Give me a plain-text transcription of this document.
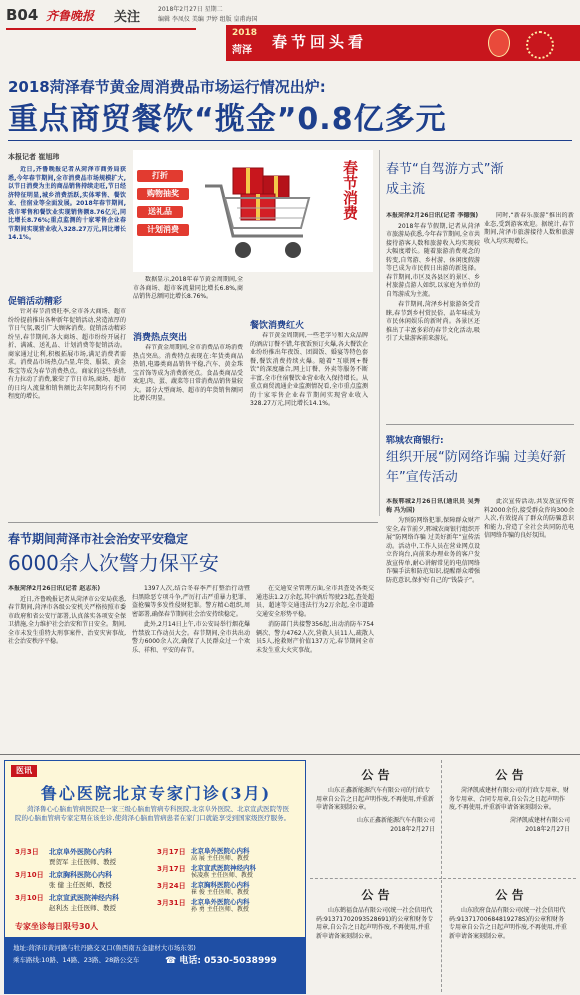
B04 齐鲁晚报 关注
2018年2月27日 星期二
编辑 李凤仪 美编 尹婷 组版 皇甫海国
2018
菏泽 春节回头看
2018菏泽春节黄金周消费品市场运行情况出炉:
重点商贸餐饮“揽金”0.8亿多元
本报记者 崔旭玮

近日,齐鲁晚报记者从菏泽市商务局获悉,今年春节期间,全市消费品市场规模扩大,以节日消费为主的商品销售持续走旺,节日经济特征明显,城乡消费活跃,实体零售、餐饮业、住宿业等全面发展。2018年春节期间,我市零售和餐饮业实现销售额8.76亿元,同比增长8.76%;重点监测的十家零售企业春节期间实现营业收入328.27万元,同比增长14.1%。

促销活动精彩

针对春节消费旺季,全市各大商场、超市纷纷提前推出各种新年促销活动,营造浓厚的节日气氛,吸引广大顾客消费。促销活动精彩纷呈,春节期间,各大商场、超市纷纷开展打折、满减、送礼品、计划消费等促销活动。商家通过让利,积极拓展市场,满足消费者需求。消费品市场热点凸显,年货、服装、黄金珠宝等成为春节消费热点。商家的这些举措,有力拉动了消费,繁荣了节日市场,商场、超市的日均人流量和销售额比去年同期均有不同程度的增长。

春节消费
打折
购物抽奖
送礼品
计划消费

数据显示,2018年春节黄金周期间,全市各商场、超市客流量同比增长6.8%,商品销售总额同比增长8.76%。

消费热点突出

春节黄金周期间,全市消费品市场消费热点突出。消费特点表现在:年货类商品热销,电器类商品销售平稳,汽车、黄金珠宝首饰等成为消费新亮点。食品类商品受欢迎,肉、蛋、蔬菜等日常消费品销售量较大。部分大型商场、超市的年货销售额同比增长明显。

餐饮消费红火

春节黄金周期间,一些老字号和大众品牌的酒店订餐不错,年夜饭预订火爆,各大餐饮企业纷纷推出年夜饭、团圆饭、婚宴等特色套餐,餐饮消费持续火爆。随着“互联网+餐饮”的深度融合,网上订餐、外卖等服务不断丰富,全市住宿餐饮业营业收入保持增长。从重点商贸流通企业监测情况看,全市重点监测的十家零售企业春节期间实现营业收入328.27万元,同比增长14.1%。

春节“自驾游方式”渐成主流

本报菏泽2月26日讯(记者 李德强)

2018年春节假期,记者从菏泽市旅游局获悉,今年春节期间,全市共接待游客人数和旅游收入均实现较大幅度增长。随着旅游消费观念的转变,自驾游、乡村游、休闲度假游等已成为市民假日出游的新选择。春节期间,市区及各县区的景区、乡村旅游点游人如织,以家庭为单位的自驾游成为主流。

春节期间,菏泽乡村旅游备受青睐,春节到乡村赏民俗、品年味成为市民休闲娱乐的新时尚。各景区还推出了丰富多彩的春节文化活动,吸引了大量游客前来游玩。

同时,“新春乐旅游”推出的新业态,受到游客欢迎。据统计,春节期间,菏泽市旅游接待人数和旅游收入均实现增长。

郓城农商银行:
组织开展“防网络诈骗 过美好新年”宣传活动

本报郓城2月26日讯(通讯员 吴秀梅 冯为国)

为预防网络犯罪,保障群众财产安全,春节前夕,郓城农商银行组织开展“防网络诈骗 过美好新年”宣传活动。活动中,工作人员在营业网点设立咨询台,向前来办理业务的客户发放宣传单,耐心讲解常见的电信网络诈骗手法和防范知识,提醒群众增强防范意识,保护好自己的“钱袋子”。

此次宣传活动,共发放宣传资料2000余份,接受群众咨询300余人次,有效提高了群众的防骗意识和能力,营造了全社会共同防范电信网络诈骗的良好氛围。

春节期间菏泽市社会治安平安稳定
6000余人次警力保平安

本报菏泽2月26日讯(记者 赵志东)

近日,齐鲁晚报记者从菏泽市公安局获悉,春节期间,菏泽市各级公安机关严格按照市委市政府和省公安厅部署,认真落实各项安全保卫措施,全力维护社会治安和节日安全。期间,全市未发生重特大刑事案件、治安灾害事故,社会治安秩序平稳。

1397人次,结合冬春季严打整治行动暨扫黑除恶专项斗争,严厉打击严重暴力犯罪、盗抢骗等多发性侵财犯罪。警方精心组织,周密部署,确保春节期间社会治安持续稳定。

此外,2月14日上午,市公安局举行烟花爆竹禁放工作动员大会。春节期间,全市共出动警力6000余人次,确保了人民群众过一个欢乐、祥和、平安的春节。

在交通安全管理方面,全市共查处各类交通违法1.2万余起,其中酒后驾驶23起,查处超员、超速等交通违法行为2万余起,全市道路交通安全形势平稳。

消防部门共接警356起,出动消防车754辆次、警力4762人次,营救人员11人,疏散人员5人,抢救财产价值137万元,春节期间全市未发生重大火灾事故。

医讯
鲁心医院北京专家门诊(3月)
菏泽鲁心心脑血管病医院是一家三级心脑血管病专科医院,北京阜外医院、北京宣武医院等医院的心脑血管病专家定期在该坐诊,使菏泽心脑血管病患者在家门口就能享受到国家级医疗服务。
3月3日	北京阜外医院心内科
贾贺军 主任医师、教授
3月10日 北京胸科医院心内科
张 健 主任医师、教授
3月10日 北京宣武医院神经内科
赵利杰 主任医师、教授
3月17日 北京阜外医院心内科
高 展 主任医师、教授
3月17日 北京宣武医院神经内科
侯凌燕 主任医师、教授
3月24日 北京胸科医院心内科
崔 俊 主任医师、教授
3月31日 北京阜外医院心内科
孙 勇 主任医师、教授
专家坐诊每日限号30人
地址:菏泽市黄河路与牡丹路交叉口(鲁西南五金建材大市场东邻)
乘车路线:10路、14路、23路、28路公交车	☎ 电话: 0530-5038999
公 告
山东正鑫新能源汽车有限公司的行政专用章自公告之日起声明作废,不再使用,并重新申请备案刻制公章。
山东正鑫新能源汽车有限公司
2018年2月27日
公 告
菏泽凯威建材有限公司的行政专用章、财务专用章、合同专用章,自公告之日起声明作废,不再使用,并重新申请备案刻制公章。
菏泽凯威建材有限公司
2018年2月27日
公 告
山东鹤福食品有限公司(统一社会信用代码:91371702093528691)的公章和财务专用章,自公告之日起声明作废,不再使用,并重新申请备案刻制公章。
公 告
山东欣府食品有限公司(统一社会信用代码:91371700684819278S)的公章和财务专用章自公告之日起声明作废,不再使用,并重新申请备案刻制公章。
